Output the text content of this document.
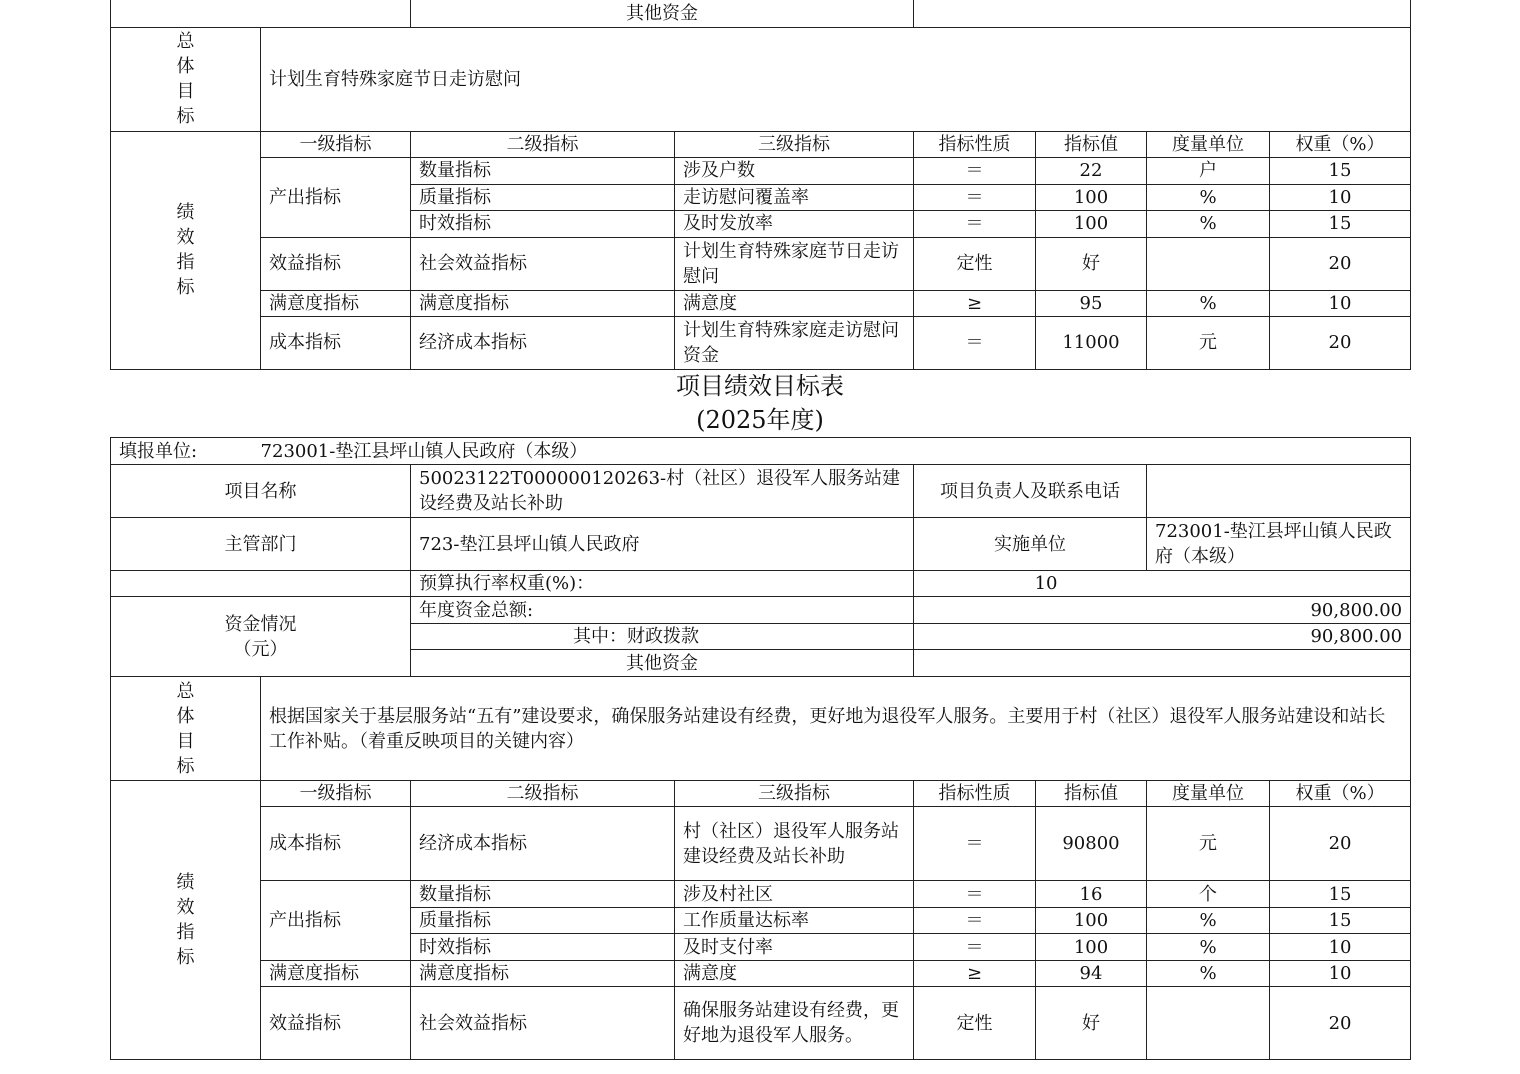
		其他资金					
总
体
目
标	计划生育特殊家庭节日走访慰问						
绩
效
指
标	一级指标	二级指标	三级指标	指标性质	指标值	度量单位	权重（%）
	产出指标	数量指标	涉及户数	＝	22	户	15
		质量指标	走访慰问覆盖率	＝	100	%	10
		时效指标	及时发放率	＝	100	%	15
	效益指标	社会效益指标	计划生育特殊家庭节日走访慰问	定性	好		20
	满意度指标	满意度指标	满意度	≥	95	%	10
	成本指标	经济成本指标	计划生育特殊家庭走访慰问资金	＝	11000	元	20
项目绩效目标表
(2025年度)
填报单位: 723001-垫江县坪山镇人民政府（本级）							
项目名称		50023122T000000120263-村（社区）退役军人服务站建设经费及站长补助		项目负责人及联系电话			
主管部门		723-垫江县坪山镇人民政府		实施单位		723001-垫江县坪山镇人民政府（本级）	
		预算执行率权重(%)：		10			
资金情况（元）		年度资金总额:		90,800.00			
		其中：财政拨款		90,800.00			
		其他资金					
总
体
目
标	根据国家关于基层服务站“五有”建设要求，确保服务站建设有经费，更好地为退役军人服务。主要用于村（社区）退役军人服务站建设和站长工作补贴。（着重反映项目的关键内容）						
绩
效
指
标	一级指标	二级指标	三级指标	指标性质	指标值	度量单位	权重（%）
	成本指标	经济成本指标	村（社区）退役军人服务站建设经费及站长补助	＝	90800	元	20
	产出指标	数量指标	涉及村社区	＝	16	个	15
		质量指标	工作质量达标率	＝	100	%	15
		时效指标	及时支付率	＝	100	%	10
	满意度指标	满意度指标	满意度	≥	94	%	10
	效益指标	社会效益指标	确保服务站建设有经费，更好地为退役军人服务。	定性	好		20
